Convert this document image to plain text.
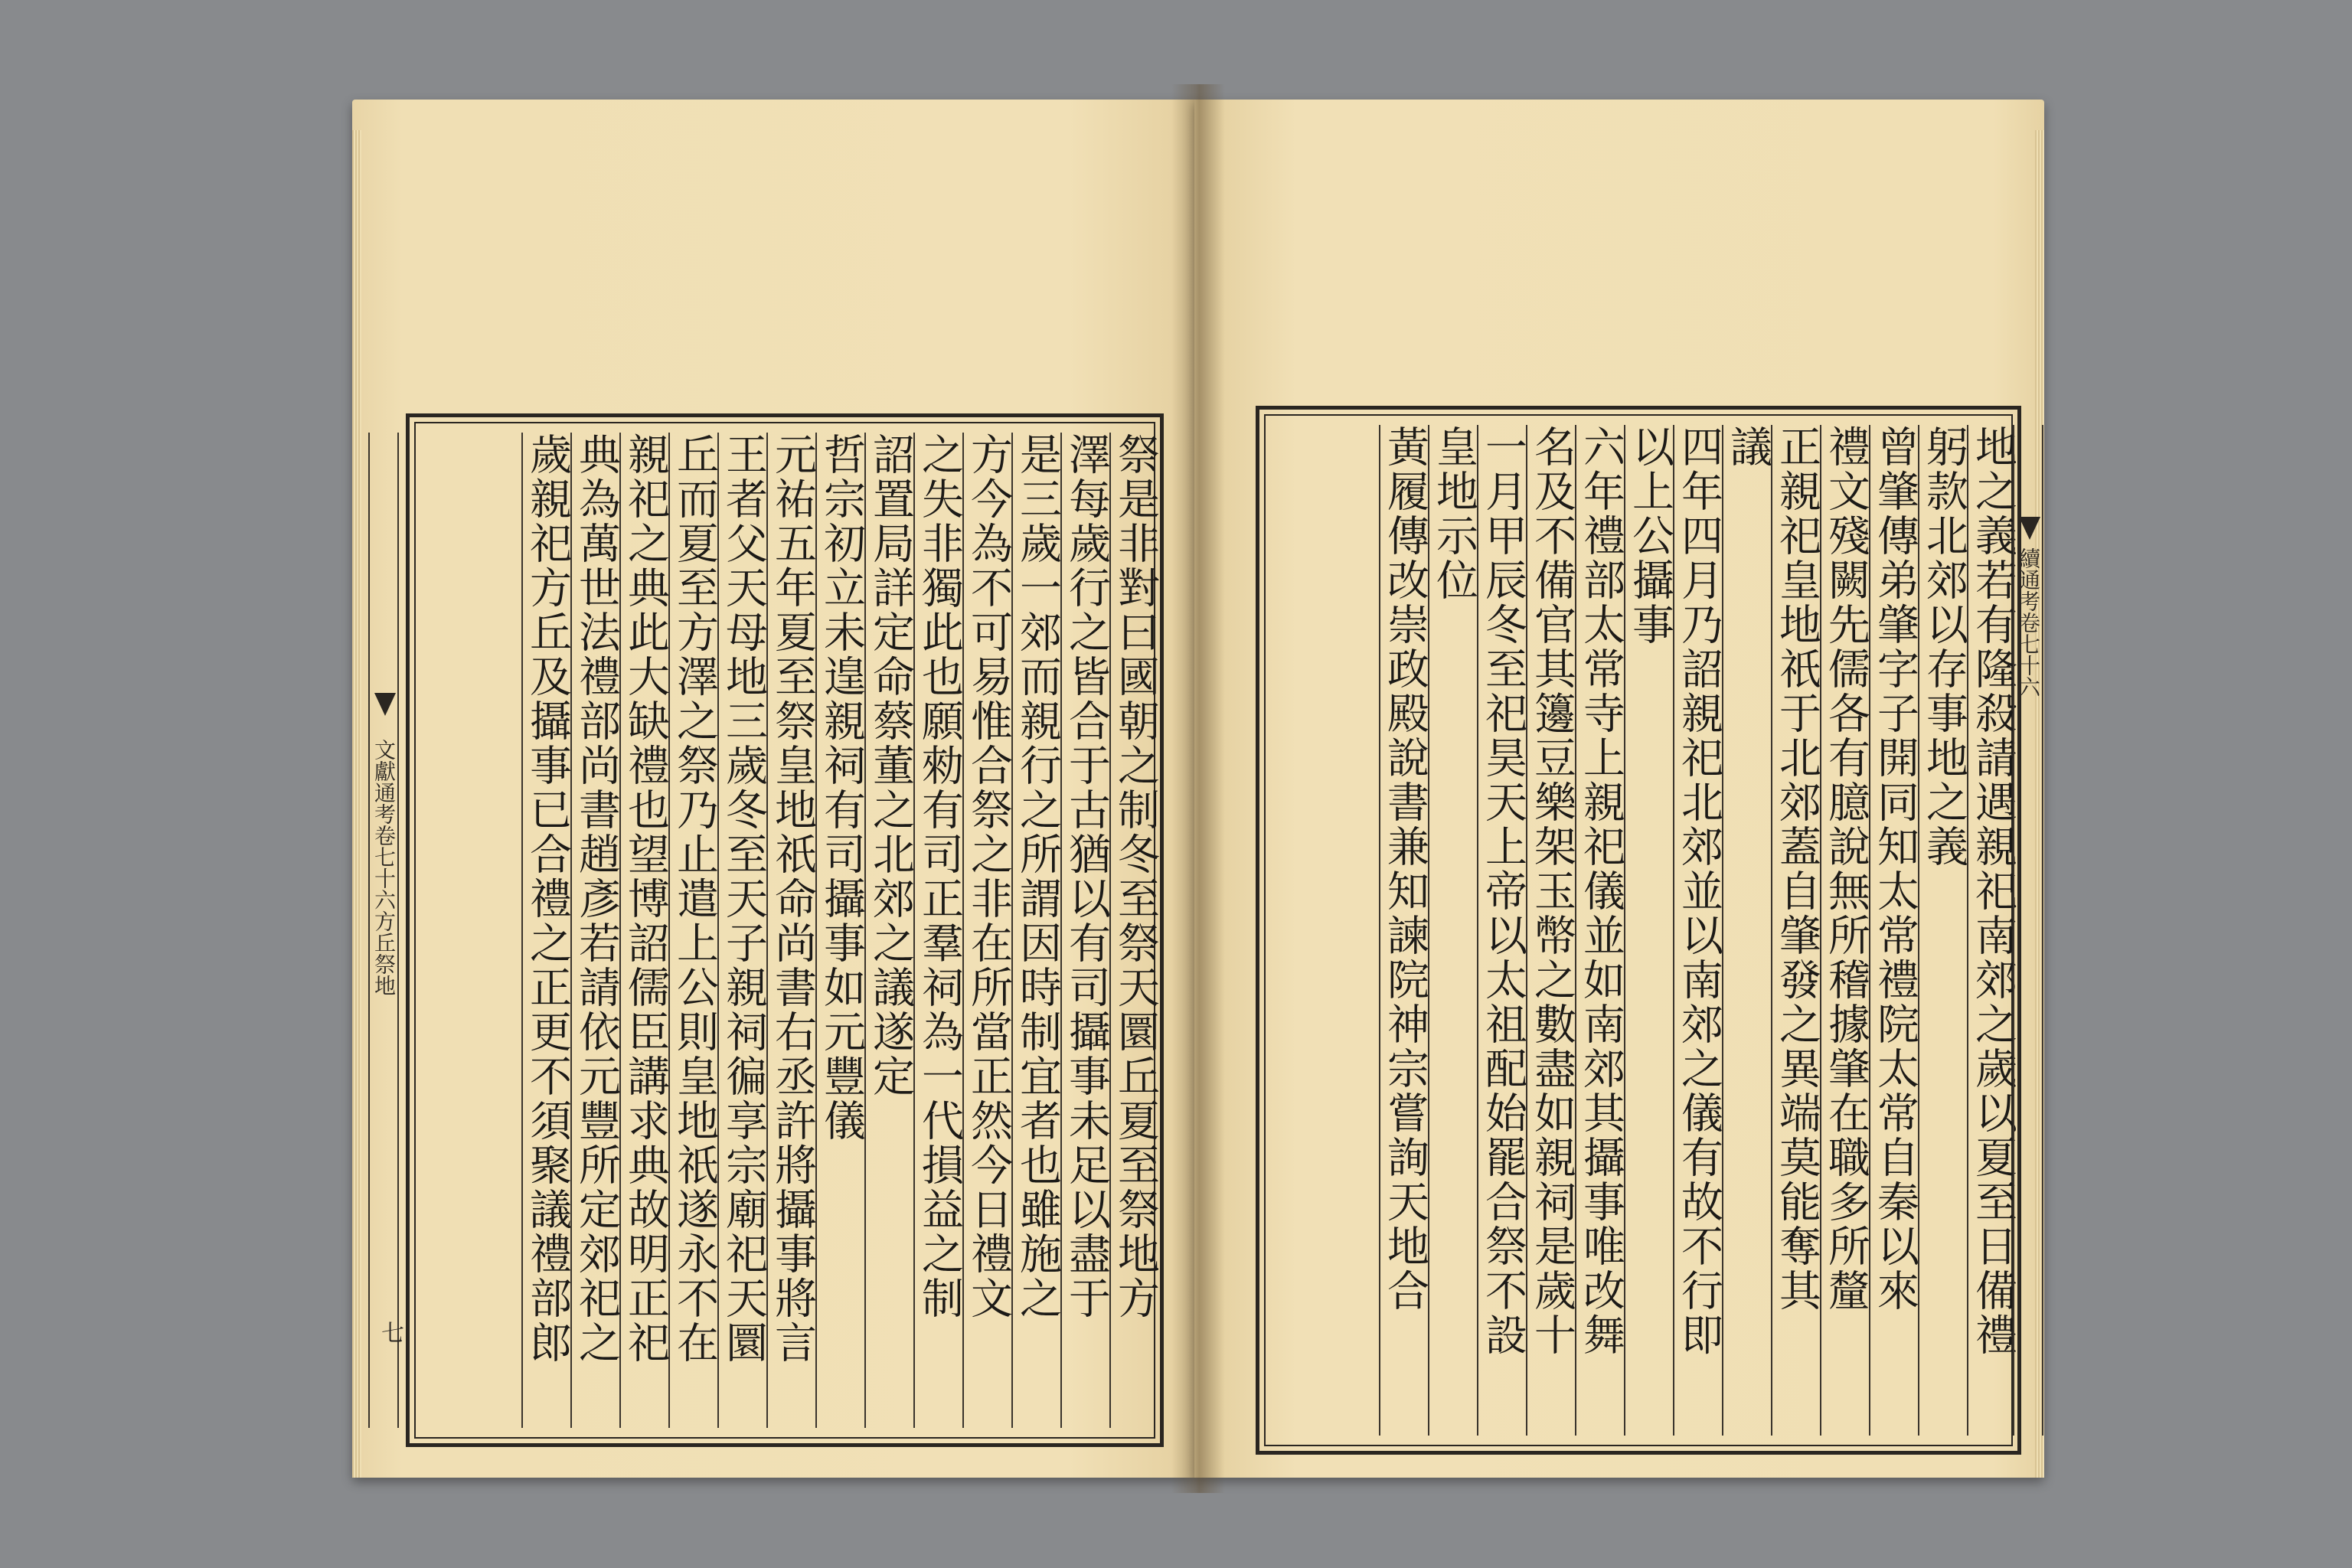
祭是非對曰國朝之制冬至祭天圜丘夏至祭地方
澤每歲行之皆合于古猶以有司攝事未足以盡于
是三歲一郊而親行之所謂因時制宜者也雖施之
方今為不可易惟合祭之非在所當正然今日禮文
之失非獨此也願勑有司正羣祠為一代損益之制
詔置局詳定命蔡董之北郊之議遂定
哲宗初立未遑親祠有司攝事如元豐儀
元祐五年夏至祭皇地祇命尚書右丞許將攝事將言
王者父天母地三歲冬至天子親祠徧享宗廟祀天圜
丘而夏至方澤之祭乃止遣上公則皇地祇遂永不在
親祀之典此大缺禮也望博詔儒臣講求典故明正祀
典為萬世法禮部尚書趙彥若請依元豐所定郊祀之
歲親祀方丘及攝事已合禮之正更不須聚議禮部郎
文獻通考卷七十六方丘祭地
七	地之義若有隆殺請遇親祀南郊之歲以夏至日備禮
躬款北郊以存事地之義
曾肇傳弟肇字子開同知太常禮院太常自秦以來
禮文殘闕先儒各有臆說無所稽據肇在職多所釐
正親祀皇地祇于北郊蓋自肇發之異端莫能奪其
議
四年四月乃詔親祀北郊並以南郊之儀有故不行即
以上公攝事
六年禮部太常寺上親祀儀並如南郊其攝事唯改舞
名及不備官其籩豆樂架玉幣之數盡如親祠是歲十
一月甲辰冬至祀昊天上帝以太祖配始罷合祭不設
皇地示位
黃履傳改崇政殿說書兼知諫院神宗嘗詢天地合	續通考卷七十六
